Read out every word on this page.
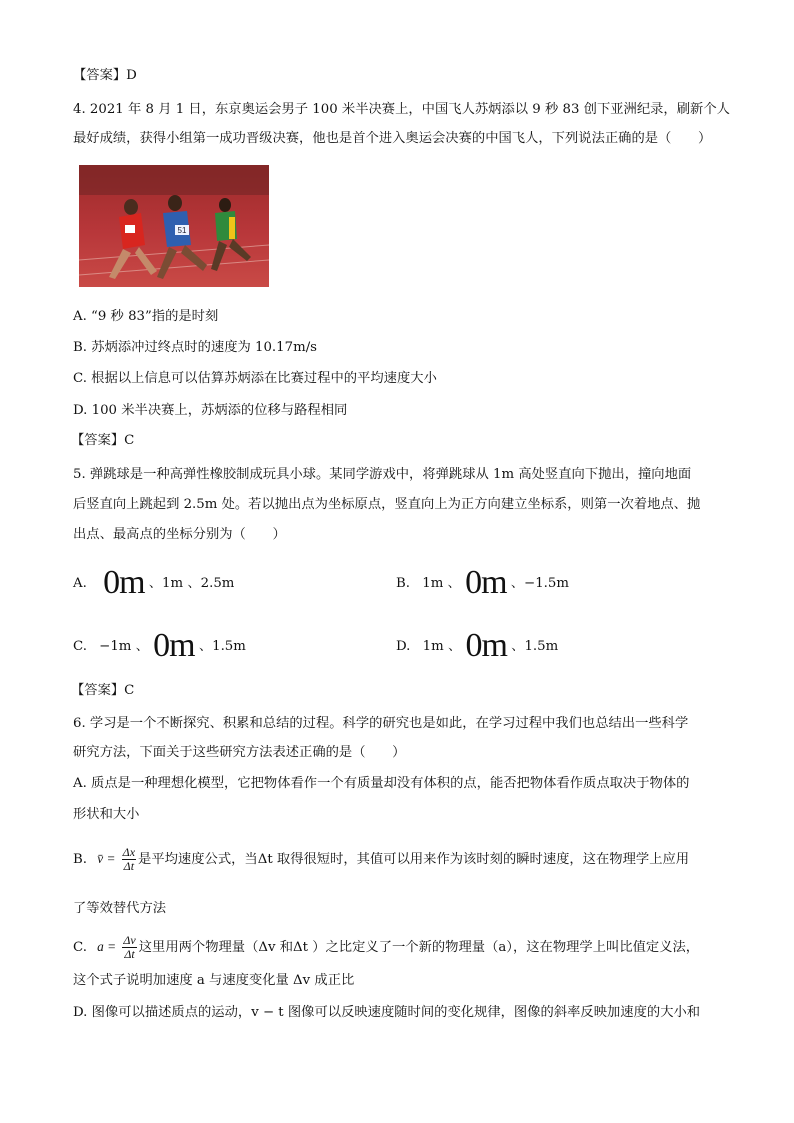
【答案】D
4. 2021 年 8 月 1 日，东京奥运会男子 100 米半决赛上，中国飞人苏炳添以 9 秒 83 创下亚洲纪录，刷新个人
最好成绩，获得小组第一成功晋级决赛，他也是首个进入奥运会决赛的中国飞人，下列说法正确的是（　　）
51
A. “9 秒 83”指的是时刻
B. 苏炳添冲过终点时的速度为 10.17m/s
C. 根据以上信息可以估算苏炳添在比赛过程中的平均速度大小
D. 100 米半决赛上，苏炳添的位移与路程相同
【答案】C
5. 弹跳球是一种高弹性橡胶制成玩具小球。某同学游戏中，将弹跳球从 1m 高处竖直向下抛出，撞向地面
后竖直向上跳起到 2.5m 处。若以抛出点为坐标原点，竖直向上为正方向建立坐标系，则第一次着地点、抛
出点、最高点的坐标分别为（　　）
A. 0m 、1m 、2.5m	B. 1m 、 0m 、−1.5m
C. −1m 、 0m 、1.5m	D. 1m 、 0m 、1.5m
【答案】C
6. 学习是一个不断探究、积累和总结的过程。科学的研究也是如此，在学习过程中我们也总结出一些科学
研究方法，下面关于这些研究方法表述正确的是（　　）
A. 质点是一种理想化模型，它把物体看作一个有质量却没有体积的点，能否把物体看作质点取决于物体的
形状和大小
B. v̄ = $\frac{\Delta x}{\Delta t}$ 是平均速度公式，当Δt 取得很短时，其值可以用来作为该时刻的瞬时速度，这在物理学上应用
了等效替代方法
C. $a = \frac{\Delta v}{\Delta t}$ 这里用两个物理量（Δv 和Δt ）之比定义了一个新的物理量（a），这在物理学上叫比值定义法，
这个式子说明加速度 a 与速度变化量 Δv 成正比
D. 图像可以描述质点的运动，v − t 图像可以反映速度随时间的变化规律，图像的斜率反映加速度的大小和
